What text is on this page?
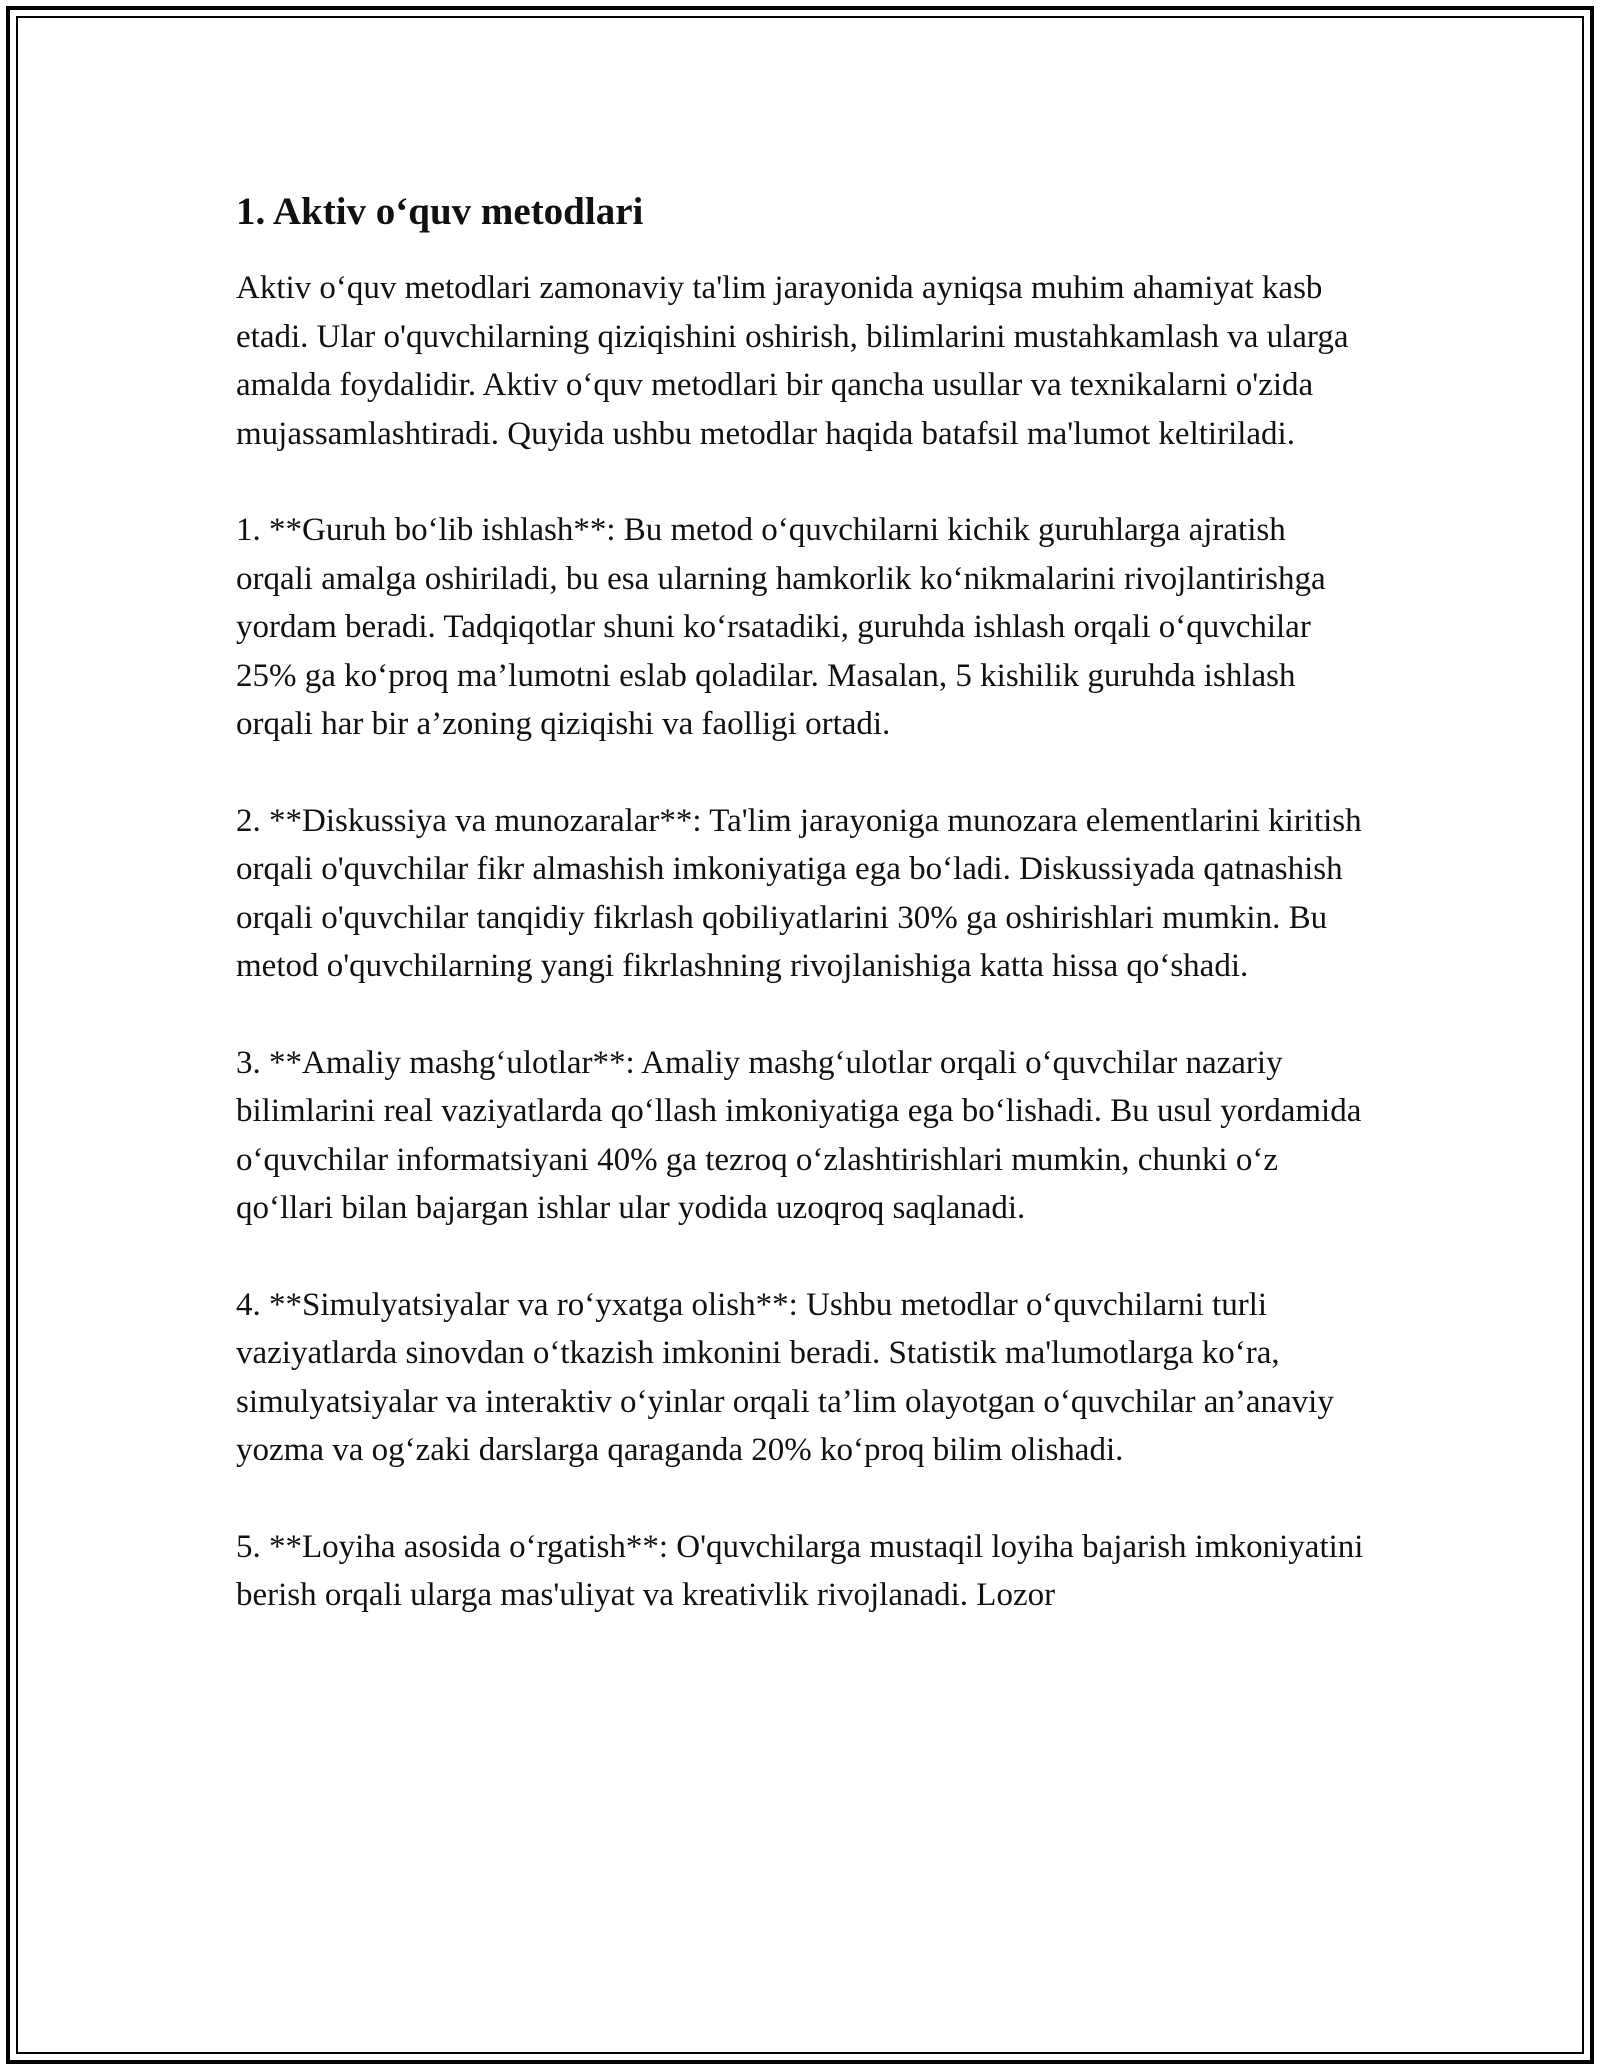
1. Aktiv o‘quv metodlari

Aktiv o‘quv metodlari zamonaviy ta'lim jarayonida ayniqsa muhim ahamiyat kasb etadi. Ular o'quvchilarning qiziqishini oshirish, bilimlarini mustahkamlash va ularga amalda foydalidir. Aktiv o‘quv metodlari bir qancha usullar va texnikalarni o'zida mujassamlashtiradi. Quyida ushbu metodlar haqida batafsil ma'lumot keltiriladi.

1. **Guruh bo‘lib ishlash**: Bu metod o‘quvchilarni kichik guruhlarga ajratish orqali amalga oshiriladi, bu esa ularning hamkorlik ko‘nikmalarini rivojlantirishga yordam beradi. Tadqiqotlar shuni ko‘rsatadiki, guruhda ishlash orqali o‘quvchilar 25% ga ko‘proq ma’lumotni eslab qoladilar. Masalan, 5 kishilik guruhda ishlash orqali har bir a’zoning qiziqishi va faolligi ortadi.

2. **Diskussiya va munozaralar**: Ta'lim jarayoniga munozara elementlarini kiritish orqali o'quvchilar fikr almashish imkoniyatiga ega bo‘ladi. Diskussiyada qatnashish orqali o'quvchilar tanqidiy fikrlash qobiliyatlarini 30% ga oshirishlari mumkin. Bu metod o'quvchilarning yangi fikrlashning rivojlanishiga katta hissa qo‘shadi.

3. **Amaliy mashg‘ulotlar**: Amaliy mashg‘ulotlar orqali o‘quvchilar nazariy bilimlarini real vaziyatlarda qo‘llash imkoniyatiga ega bo‘lishadi. Bu usul yordamida o‘quvchilar informatsiyani 40% ga tezroq o‘zlashtirishlari mumkin, chunki o‘z qo‘llari bilan bajargan ishlar ular yodida uzoqroq saqlanadi.

4. **Simulyatsiyalar va ro‘yxatga olish**: Ushbu metodlar o‘quvchilarni turli vaziyatlarda sinovdan o‘tkazish imkonini beradi. Statistik ma'lumotlarga ko‘ra, simulyatsiyalar va interaktiv o‘yinlar orqali ta’lim olayotgan o‘quvchilar an’anaviy yozma va og‘zaki darslarga qaraganda 20% ko‘proq bilim olishadi.

5. **Loyiha asosida o‘rgatish**: O'quvchilarga mustaqil loyiha bajarish imkoniyatini berish orqali ularga mas'uliyat va kreativlik rivojlanadi. Lozor
